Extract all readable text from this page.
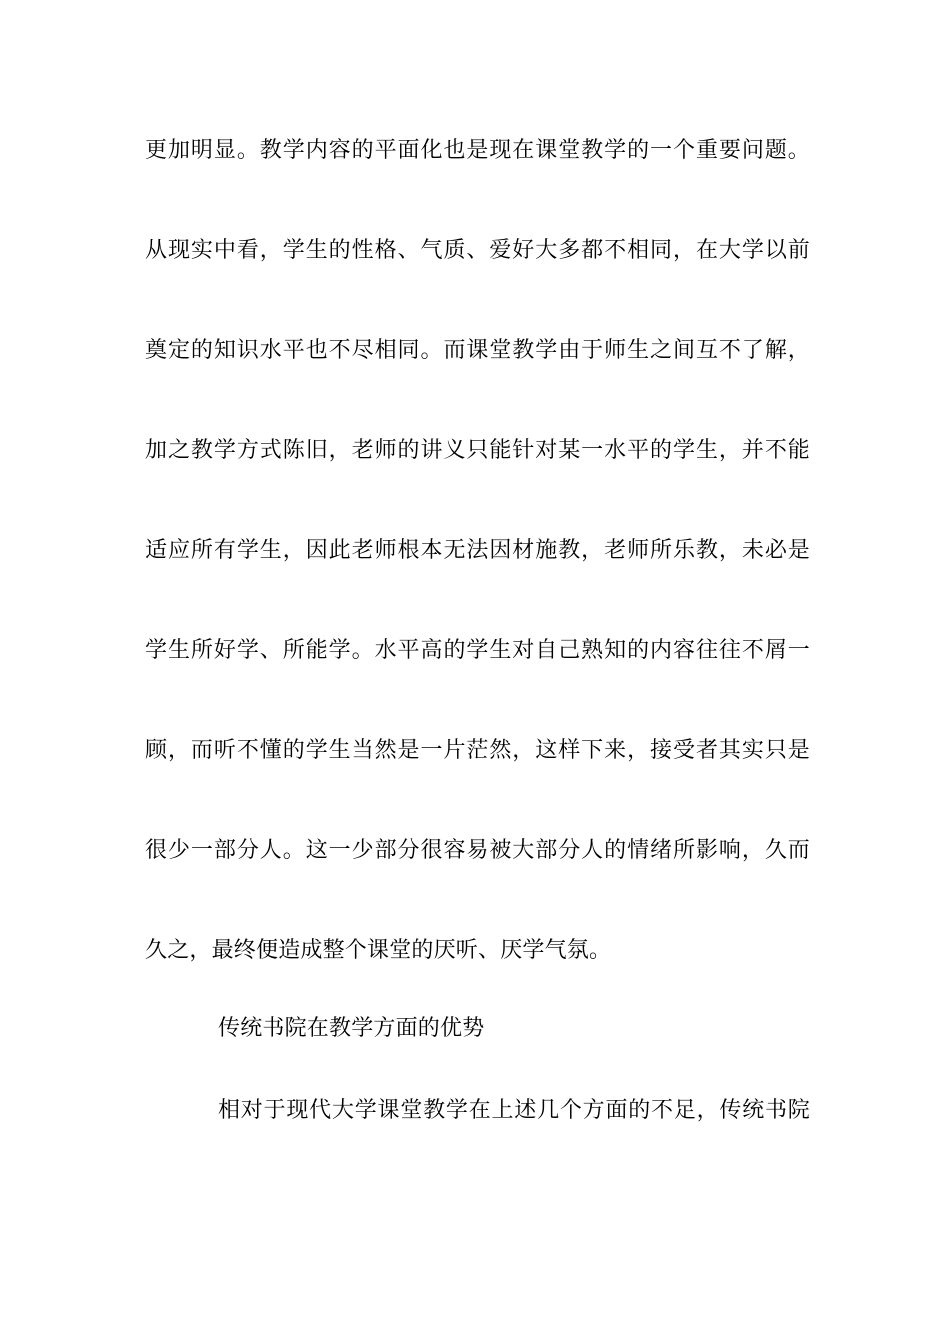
更加明显。教学内容的平面化也是现在课堂教学的一个重要问题。
从现实中看，学生的性格、气质、爱好大多都不相同，在大学以前
奠定的知识水平也不尽相同。而课堂教学由于师生之间互不了解，
加之教学方式陈旧，老师的讲义只能针对某一水平的学生，并不能
适应所有学生，因此老师根本无法因材施教，老师所乐教，未必是
学生所好学、所能学。水平高的学生对自己熟知的内容往往不屑一
顾，而听不懂的学生当然是一片茫然，这样下来，接受者其实只是
很少一部分人。这一少部分很容易被大部分人的情绪所影响，久而
久之，最终便造成整个课堂的厌听、厌学气氛。
传统书院在教学方面的优势
相对于现代大学课堂教学在上述几个方面的不足，传统书院
